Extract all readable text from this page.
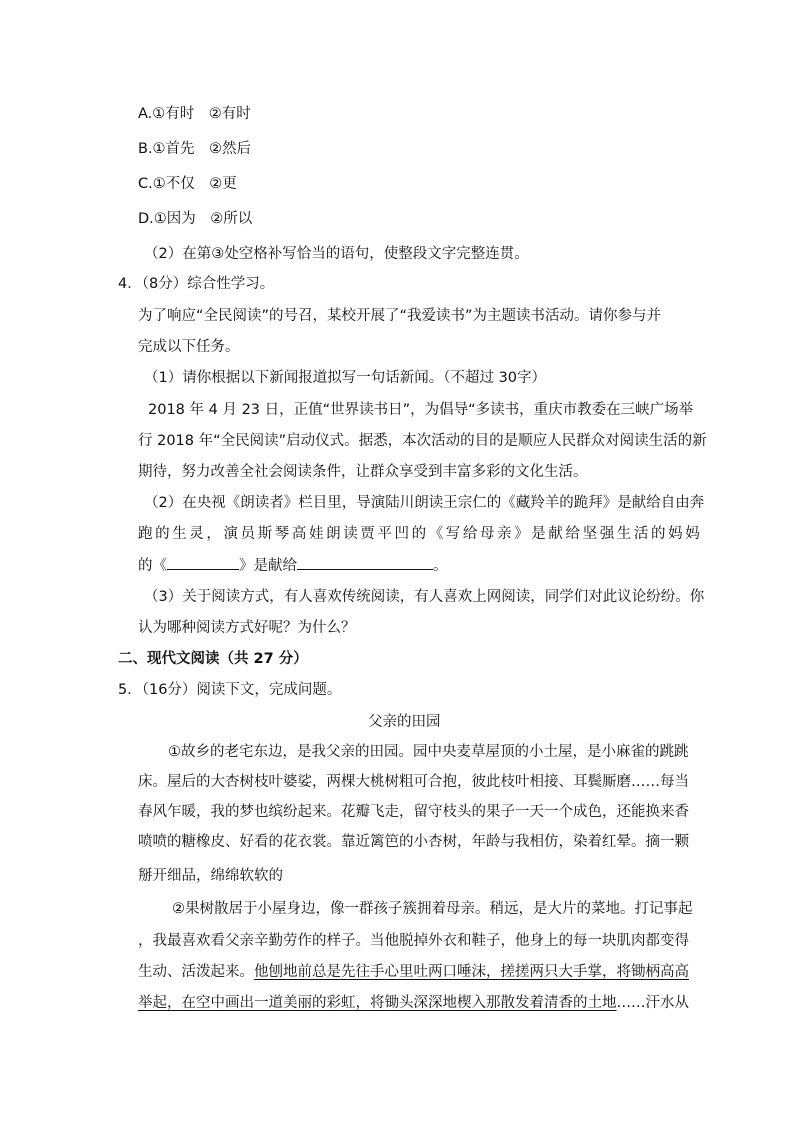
A.①有时　②有时
B.①首先　②然后
C.①不仅　②更
D.①因为　②所以
（2）在第③处空格补写恰当的语句，使整段文字完整连贯。
4．（8分）综合性学习。
为了响应“全民阅读”的号召，某校开展了“我爱读书”为主题读书活动。请你参与并
完成以下任务。
（1）请你根据以下新闻报道拟写一句话新闻。（不超过 30字）
2018 年 4 月 23 日，正值“世界读书日”，为倡导“多读书，重庆市教委在三峡广场举
行 2018 年“全民阅读”启动仪式。据悉，本次活动的目的是顺应人民群众对阅读生活的新
期待，努力改善全社会阅读条件，让群众享受到丰富多彩的文化生活。
（2）在央视《朗读者》栏目里，导演陆川朗读王宗仁的《藏羚羊的跪拜》是献给自由奔
跑的生灵，演员斯琴高娃朗读贾平凹的《写给母亲》是献给坚强生活的妈妈
的《	》是献给	。
（3）关于阅读方式，有人喜欢传统阅读，有人喜欢上网阅读，同学们对此议论纷纷。你
认为哪种阅读方式好呢？为什么？
二、现代文阅读（共 27 分）
5．（16分）阅读下文，完成问题。
父亲的田园
①故乡的老宅东边，是我父亲的田园。园中央麦草屋顶的小土屋，是小麻雀的跳跳
床。屋后的大杏树枝叶婆娑，两棵大桃树粗可合抱，彼此枝叶相接、耳鬓厮磨……每当
春风乍暖，我的梦也缤纷起来。花瓣飞走，留守枝头的果子一天一个成色，还能换来香
喷喷的糖橡皮、好看的花衣裳。靠近篱笆的小杏树，年龄与我相仿，染着红晕。摘一颗
掰开细品，绵绵软软的
②果树散居于小屋身边，像一群孩子簇拥着母亲。稍远，是大片的菜地。打记事起
，我最喜欢看父亲辛勤劳作的样子。当他脱掉外衣和鞋子，他身上的每一块肌肉都变得
生动、活泼起来。他刨地前总是先往手心里吐两口唾沫，搓搓两只大手掌，将锄柄高高
举起，在空中画出一道美丽的彩虹，将锄头深深地楔入那散发着清香的土地……汗水从
